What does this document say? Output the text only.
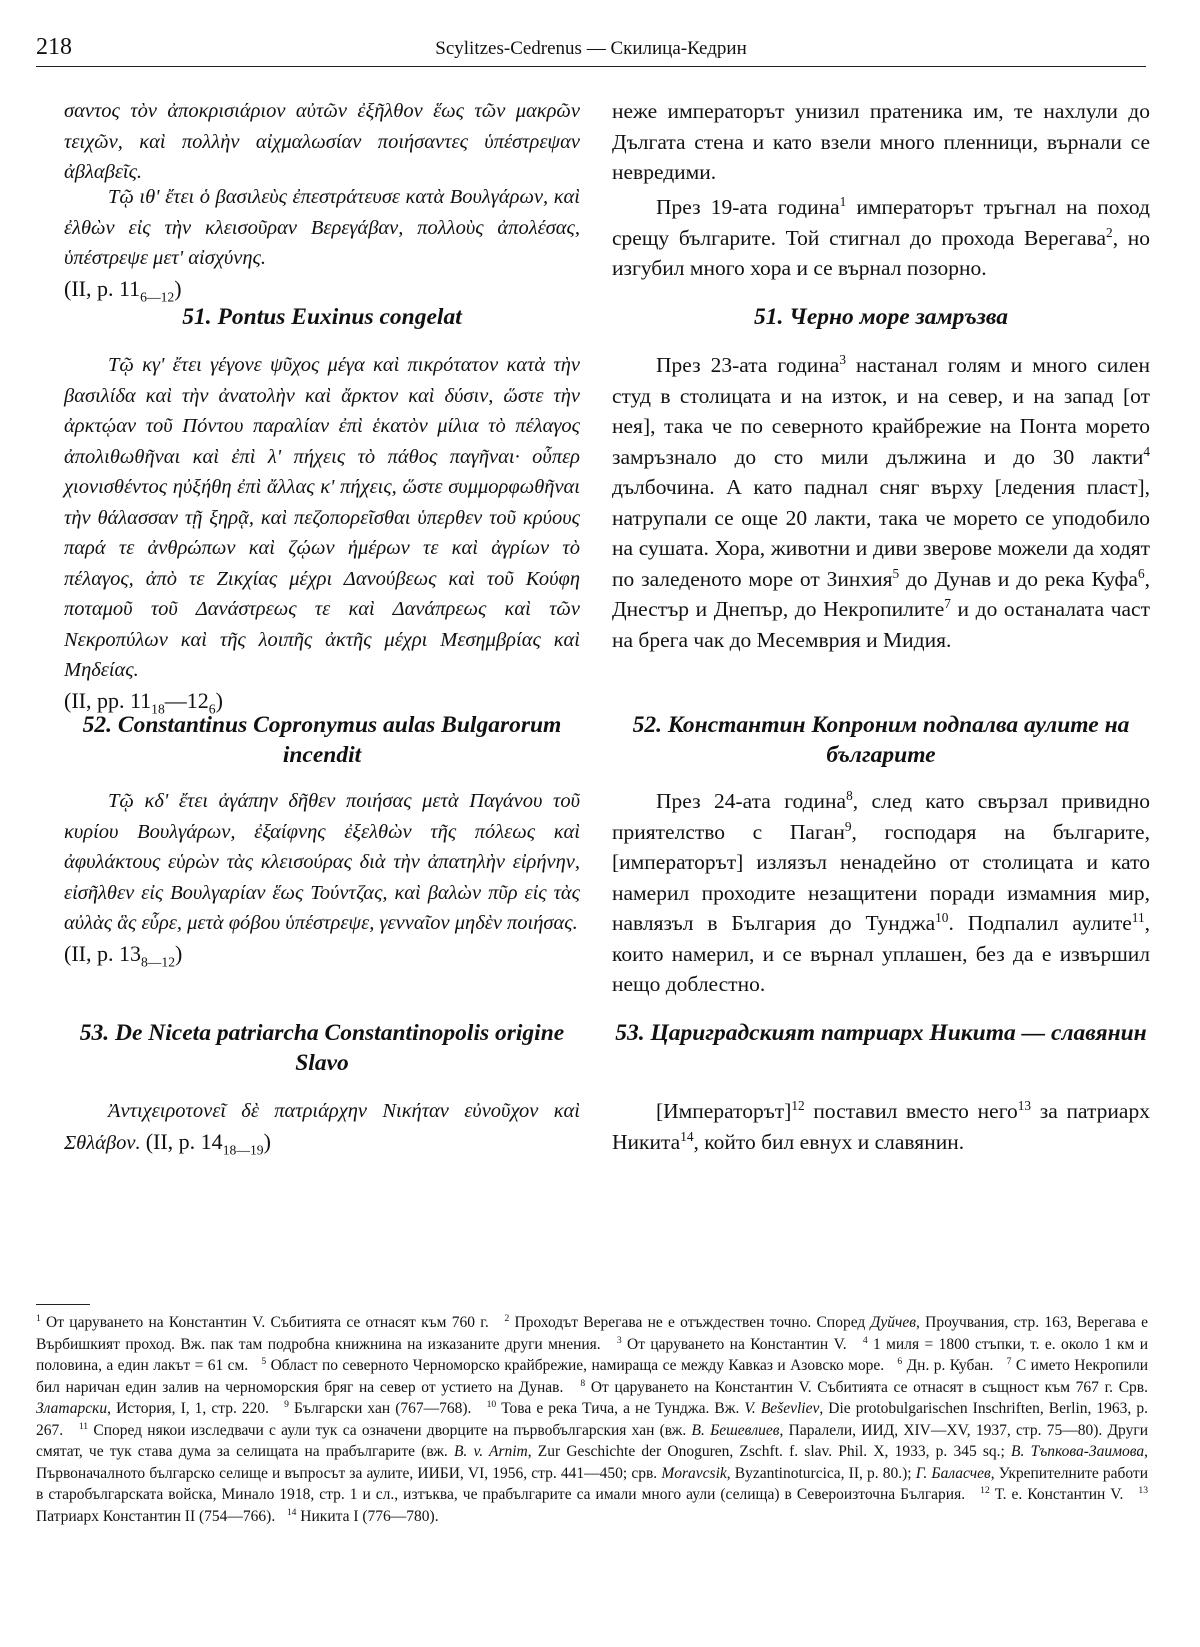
218	Scylitzes-Cedrenus — Скилица-Кедрин

σαντος τὸν ἀποκρισιάριον αὐτῶν ἐξῆλθον ἕως τῶν μακρῶν τειχῶν, καὶ πολλὴν αἰχμαλωσίαν ποιήσαντες ὑπέστρεψαν ἀβλαβεῖς.

Τῷ ιθ' ἔτει ὁ βασιλεὺς ἐπεστράτευσε κατὰ Βουλγάρων, καὶ ἐλθὼν εἰς τὴν κλεισοῦραν Βερεγάβαν, πολλοὺς ἀπολέσας, ὑπέστρεψε μετ' αἰσχύνης.
(II, p. $11_{6—12}$)

51. Pontus Euxinus congelat

Τῷ κγ' ἔτει γέγονε ψῦχος μέγα καὶ πικρότατον κατὰ τὴν βασιλίδα καὶ τὴν ἀνατολὴν καὶ ἄρκτον καὶ δύσιν, ὥστε τὴν ἀρκτῴαν τοῦ Πόντου παραλίαν ἐπὶ ἑκατὸν μίλια τὸ πέλαγος ἀπολιθωθῆναι καὶ ἐπὶ λ' πήχεις τὸ πάθος παγῆναι· οὗπερ χιονισθέντος ηὐξήθη ἐπὶ ἄλλας κ' πήχεις, ὥστε συμμορφωθῆναι τὴν θάλασσαν τῇ ξηρᾷ, καὶ πεζοπορεῖσθαι ὑπερθεν τοῦ κρύους παρά τε ἀνθρώπων καὶ ζῴων ἡμέρων τε καὶ ἀγρίων τὸ πέλαγος, ἀπὸ τε Ζικχίας μέχρι Δανούβεως καὶ τοῦ Κούφη ποταμοῦ τοῦ Δανάστρεως τε καὶ Δανάπρεως καὶ τῶν Νεκροπύλων καὶ τῆς λοιπῆς ἀκτῆς μέχρι Μεσημβρίας καὶ Μηδείας.
(II, pp. $11_{18}—12_6$)

52. Constantinus Copronymus aulas Bulgarorum incendit

Τῷ κδ' ἔτει ἀγάπην δῆθεν ποιήσας μετὰ Παγάνου τοῦ κυρίου Βουλγάρων, ἐξαίφνης ἐξελθὼν τῆς πόλεως καὶ ἀφυλάκτους εὑρὼν τὰς κλεισούρας διὰ τὴν ἀπατηλὴν εἰρήνην, εἰσῆλθεν εἰς Βουλγαρίαν ἕως Τούντζας, καὶ βαλὼν πῦρ εἰς τὰς αὐλὰς ἃς εὗρε, μετὰ φόβου ὑπέστρεψε, γενναῖον μηδὲν ποιήσας.
(II, p. $13_{8—12}$)

53. De Niceta patriarcha Constantinopolis origine Slavo

Ἀντιχειροτονεῖ δὲ πατριάρχην Νικήταν εὐνοῦχον καὶ Σθλάβον. (II, p. $14_{18—19}$)

неже императорът унизил пратеника им, те нахлули до Дългата стена и като взели много пленници, върнали се невредими.

През 19-ата година$^1$ императорът тръгнал на поход срещу българите. Той стигнал до прохода Верегава$^2$, но изгубил много хора и се върнал позорно.

51. Черно море замръзва

През 23-ата година$^3$ настанал голям и много силен студ в столицата и на изток, и на север, и на запад [от нея], така че по северното крайбрежие на Понта морето замръзнало до сто мили дължина и до 30 лакти$^4$ дълбочина. А като паднал сняг върху [ледения пласт], натрупали се още 20 лакти, така че морето се уподобило на сушата. Хора, животни и диви зверове можели да ходят по заледеното море от Зинхия$^5$ до Дунав и до река Куфа$^6$, Днестър и Днепър, до Некропилите$^7$ и до останалата част на брега чак до Месемврия и Мидия.

52. Константин Копроним подпалва аулите на българите

През 24-ата година$^8$, след като свързал привидно приятелство с Паган$^9$, господаря на българите, [императорът] излязъл ненадейно от столицата и като намерил проходите незащитени поради измамния мир, навлязъл в България до Тунджа$^{10}$. Подпалил аулите$^{11}$, които намерил, и се върнал уплашен, без да е извършил нещо доблестно.

53. Цариградският патриарх Никита — славянин

[Императорът]$^{12}$ поставил вместо него$^{13}$ за патриарх Никита$^{14}$, който бил евнух и славянин.

$^1$ От царуването на Константин V. Събитията се отнасят към 760 г. $^2$ Проходът Верегава не е отъждествен точно. Според Дуйчев, Проучвания, стр. 163, Верегава е Върбишкият проход. Вж. пак там подробна книжнина на изказаните други мнения. $^3$ От царуването на Константин V. $^4$ 1 миля = 1800 стъпки, т. е. около 1 км и половина, а един лакът = 61 см. $^5$ Област по северното Черноморско крайбрежие, намираща се между Кавказ и Азовско море. $^6$ Дн. р. Кубан. $^7$ С името Некропили бил наричан един залив на черноморския бряг на север от устието на Дунав. $^8$ От царуването на Константин V. Събитията се отнасят в същност към 767 г. Срв. Златарски, История, I, 1, стр. 220. $^9$ Български хан (767—768). $^{10}$ Това е река Тича, а не Тунджа. Вж. V. Beševliev, Die protobulgarischen Inschriften, Berlin, 1963, p. 267. $^{11}$ Според някои изследвачи с аули тук са означени дворците на първобългарския хан (вж. В. Бешевлиев, Паралели, ИИД, XIV—XV, 1937, стр. 75—80). Други смятат, че тук става дума за селищата на прабългарите (вж. B. v. Arnim, Zur Geschichte der Onoguren, Zschft. f. slav. Phil. X, 1933, p. 345 sq.; В. Тъпкова-Заимова, Първоначалното българско селище и въпросът за аулите, ИИБИ, VI, 1956, стр. 441—450; срв. Moravcsik, Byzantinoturcica, II, p. 80.); Г. Баласчев, Укрепителните работи в старобългарската войска, Минало 1918, стр. 1 и сл., изтъква, че прабългарите са имали много аули (селища) в Североизточна България. $^{12}$ Т. е. Константин V. $^{13}$ Патриарх Константин II (754—766). $^{14}$ Никита I (776—780).
